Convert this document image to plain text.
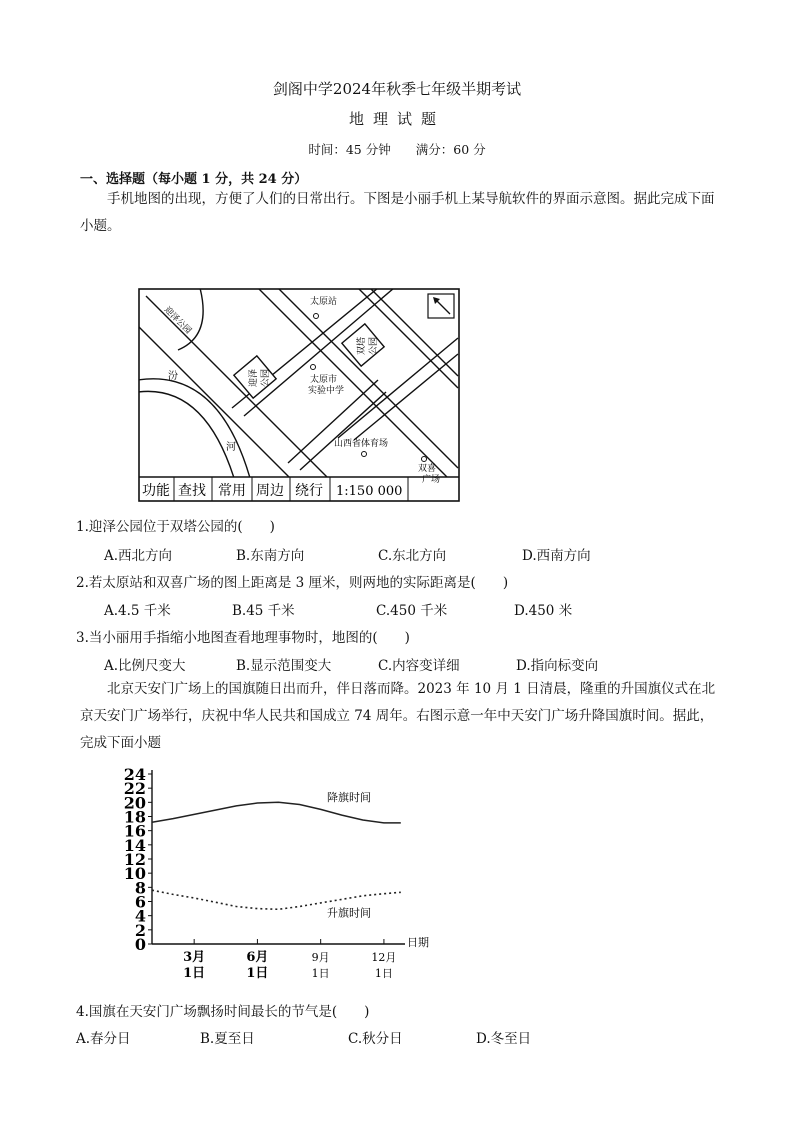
剑阁中学2024年秋季七年级半期考试
地理试题
时间：45 分钟　　满分：60 分
一、选择题（每小题 1 分，共 24 分）
手机地图的出现，方便了人们的日常出行。下图是小丽手机上某导航软件的界面示意图。据此完成下面小题。
太原站
太原市
实验中学
山西省体育场
双喜
广场
迎泽 公园
双塔 公园
迎泽公园
汾
河
功能 查找 常用 周边 绕行 1:150 000
1.迎泽公园位于双塔公园的(　　)
A.西北方向	B.东南方向	C.东北方向	D.西南方向
2.若太原站和双喜广场的图上距离是 3 厘米，则两地的实际距离是(　　)
A.4.5 千米	B.45 千米	C.450 千米	D.450 米
3.当小丽用手指缩小地图查看地理事物时，地图的(　　)
A.比例尺变大	B.显示范围变大	C.内容变详细	D.指向标变向
北京天安门广场上的国旗随日出而升，伴日落而降。2023 年 10 月 1 日清晨，隆重的升国旗仪式在北京天安门广场举行，庆祝中华人民共和国成立 74 周年。右图示意一年中天安门广场升降国旗时间。据此，完成下面小题
0
2
4
6
8
10
12
14
16
18
20
22
24
3月
1日
6月
1日
9月
1日
12月
1日
日期
降旗时间
升旗时间
4.国旗在天安门广场飘扬时间最长的节气是(　　)
A.春分日	B.夏至日	C.秋分日	D.冬至日
